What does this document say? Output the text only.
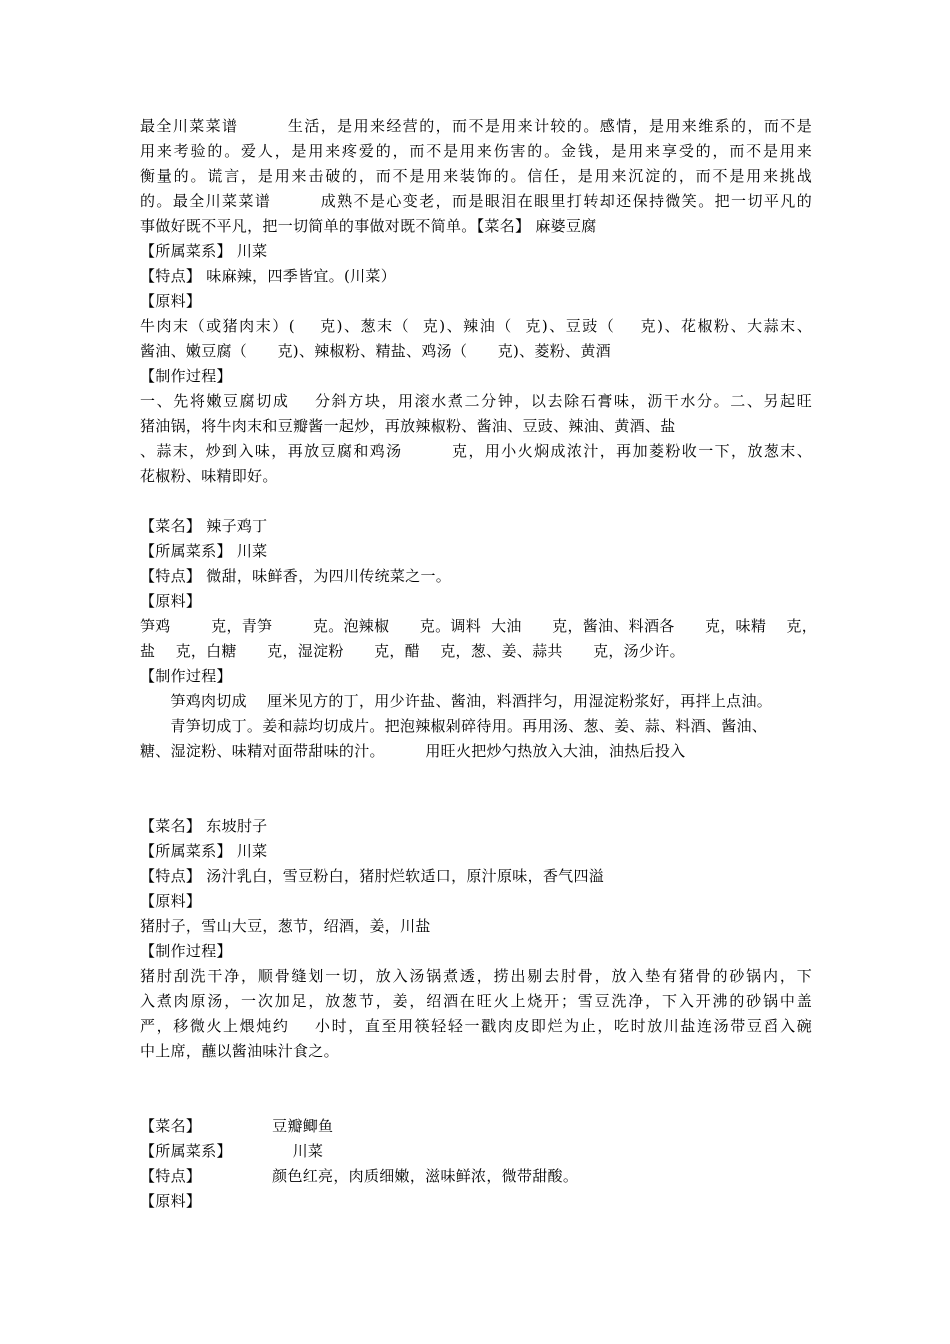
最全川菜菜谱        生活，是用来经营的，而不是用来计较的。感情，是用来维系的，而不是
用来考验的。爱人，是用来疼爱的，而不是用来伤害的。金钱，是用来享受的，而不是用来
衡量的。谎言，是用来击破的，而不是用来装饰的。信任，是用来沉淀的，而不是用来挑战
的。最全川菜菜谱        成熟不是心变老，而是眼泪在眼里打转却还保持微笑。把一切平凡的
事做好既不平凡，把一切简单的事做对既不简单。【菜名】 麻婆豆腐
【所属菜系】 川菜
【特点】 味麻辣，四季皆宜。(川菜）
【原料】
牛肉末（或猪肉末）(    克)、葱末（  克)、辣油（  克)、豆豉（    克)、花椒粉、大蒜末、
酱油、嫩豆腐（      克)、辣椒粉、精盐、鸡汤（      克)、菱粉、黄酒
【制作过程】
一、先将嫩豆腐切成    分斜方块，用滚水煮二分钟，以去除石膏味，沥干水分。二、另起旺
猪油锅，将牛肉末和豆瓣酱一起炒，再放辣椒粉、酱油、豆豉、辣油、黄酒、盐
、蒜末，炒到入味，再放豆腐和鸡汤        克，用小火焖成浓汁，再加菱粉收一下，放葱末、
花椒粉、味精即好。
【菜名】 辣子鸡丁
【所属菜系】 川菜
【特点】 微甜，味鲜香，为四川传统菜之一。
【原料】
笋鸡        克，青笋        克。泡辣椒      克。调料  大油      克，酱油、料酒各      克，味精    克，
盐    克，白糖      克，湿淀粉      克，醋    克，葱、姜、蒜共      克，汤少许。
【制作过程】
笋鸡肉切成    厘米见方的丁，用少许盐、酱油，料酒拌匀，用湿淀粉浆好，再拌上点油。
青笋切成丁。姜和蒜均切成片。把泡辣椒剁碎待用。再用汤、葱、姜、蒜、料酒、酱油、
糖、湿淀粉、味精对面带甜味的汁。        用旺火把炒勺热放入大油，油热后投入
【菜名】 东坡肘子
【所属菜系】 川菜
【特点】 汤汁乳白，雪豆粉白，猪肘烂软适口，原汁原味，香气四溢
【原料】
猪肘子，雪山大豆，葱节，绍酒，姜，川盐
【制作过程】
猪肘刮洗干净，顺骨缝划一切，放入汤锅煮透，捞出剔去肘骨，放入垫有猪骨的砂锅内，下
入煮肉原汤，一次加足，放葱节，姜，绍酒在旺火上烧开；雪豆洗净，下入开沸的砂锅中盖
严，移微火上煨炖约    小时，直至用筷轻轻一戳肉皮即烂为止，吃时放川盐连汤带豆舀入碗
中上席，蘸以酱油味汁食之。
【菜名】              豆瓣鲫鱼
【所属菜系】            川菜
【特点】              颜色红亮，肉质细嫩，滋味鲜浓，微带甜酸。
【原料】
